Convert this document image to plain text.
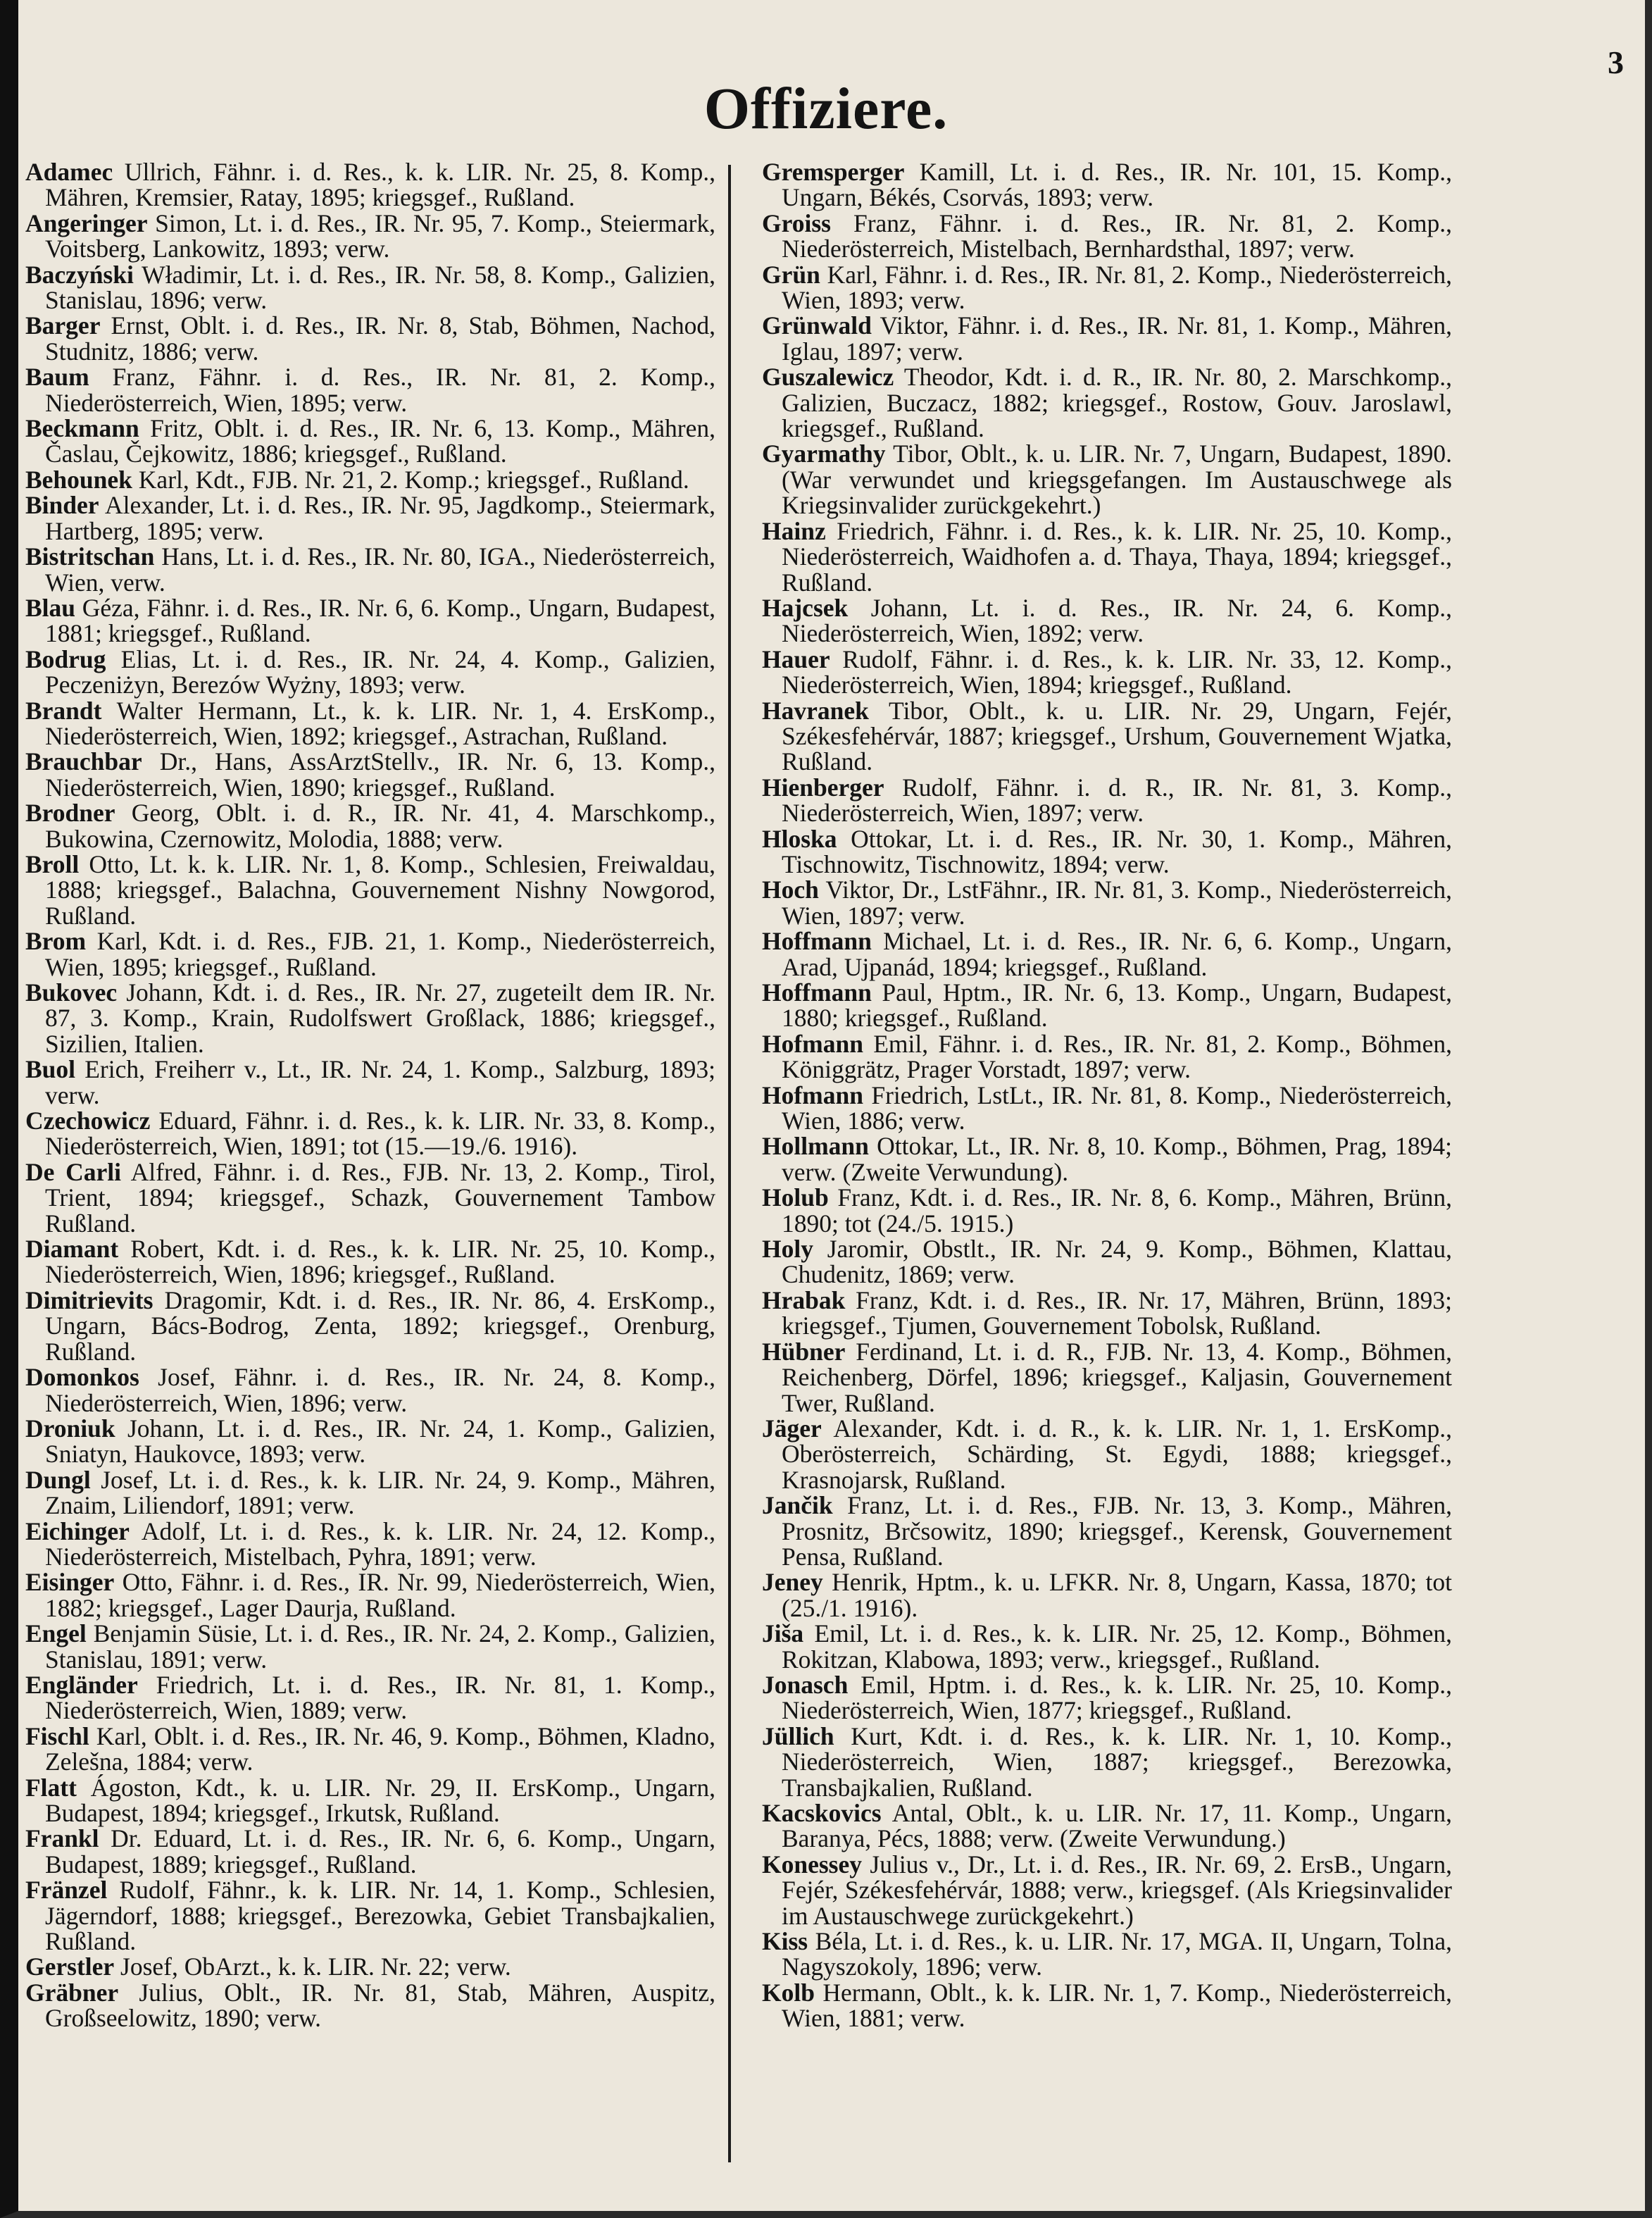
3
Offiziere.

Adamec Ullrich, Fähnr. i. d. Res., k. k. LIR. Nr. 25, 8. Komp., Mähren, Kremsier, Ratay, 1895; kriegsgef., Rußland.

Angeringer Simon, Lt. i. d. Res., IR. Nr. 95, 7. Komp., Steiermark, Voitsberg, Lankowitz, 1893; verw.

Baczyński Władimir, Lt. i. d. Res., IR. Nr. 58, 8. Komp., Galizien, Stanislau, 1896; verw.

Barger Ernst, Oblt. i. d. Res., IR. Nr. 8, Stab, Böhmen, Nachod, Studnitz, 1886; verw.

Baum Franz, Fähnr. i. d. Res., IR. Nr. 81, 2. Komp., Niederösterreich, Wien, 1895; verw.

Beckmann Fritz, Oblt. i. d. Res., IR. Nr. 6, 13. Komp., Mähren, Časlau, Čejkowitz, 1886; kriegsgef., Rußland.

Behounek Karl, Kdt., FJB. Nr. 21, 2. Komp.; kriegsgef., Rußland.

Binder Alexander, Lt. i. d. Res., IR. Nr. 95, Jagdkomp., Steiermark, Hartberg, 1895; verw.

Bistritschan Hans, Lt. i. d. Res., IR. Nr. 80, IGA., Niederösterreich, Wien, verw.

Blau Géza, Fähnr. i. d. Res., IR. Nr. 6, 6. Komp., Ungarn, Budapest, 1881; kriegsgef., Rußland.

Bodrug Elias, Lt. i. d. Res., IR. Nr. 24, 4. Komp., Galizien, Peczeniżyn, Berezów Wyżny, 1893; verw.

Brandt Walter Hermann, Lt., k. k. LIR. Nr. 1, 4. ErsKomp., Niederösterreich, Wien, 1892; kriegsgef., Astrachan, Rußland.

Brauchbar Dr., Hans, AssArztStellv., IR. Nr. 6, 13. Komp., Niederösterreich, Wien, 1890; kriegsgef., Rußland.

Brodner Georg, Oblt. i. d. R., IR. Nr. 41, 4. Marschkomp., Bukowina, Czernowitz, Molodia, 1888; verw.

Broll Otto, Lt. k. k. LIR. Nr. 1, 8. Komp., Schlesien, Freiwaldau, 1888; kriegsgef., Balachna, Gouvernement Nishny Nowgorod, Rußland.

Brom Karl, Kdt. i. d. Res., FJB. 21, 1. Komp., Niederösterreich, Wien, 1895; kriegsgef., Rußland.

Bukovec Johann, Kdt. i. d. Res., IR. Nr. 27, zugeteilt dem IR. Nr. 87, 3. Komp., Krain, Rudolfswert Großlack, 1886; kriegsgef., Sizilien, Italien.

Buol Erich, Freiherr v., Lt., IR. Nr. 24, 1. Komp., Salzburg, 1893; verw.

Czechowicz Eduard, Fähnr. i. d. Res., k. k. LIR. Nr. 33, 8. Komp., Niederösterreich, Wien, 1891; tot (15.—19./6. 1916).

De Carli Alfred, Fähnr. i. d. Res., FJB. Nr. 13, 2. Komp., Tirol, Trient, 1894; kriegsgef., Schazk, Gouvernement Tambow Rußland.

Diamant Robert, Kdt. i. d. Res., k. k. LIR. Nr. 25, 10. Komp., Niederösterreich, Wien, 1896; kriegsgef., Rußland.

Dimitrievits Dragomir, Kdt. i. d. Res., IR. Nr. 86, 4. ErsKomp., Ungarn, Bács-Bodrog, Zenta, 1892; kriegsgef., Orenburg, Rußland.

Domonkos Josef, Fähnr. i. d. Res., IR. Nr. 24, 8. Komp., Niederösterreich, Wien, 1896; verw.

Droniuk Johann, Lt. i. d. Res., IR. Nr. 24, 1. Komp., Galizien, Sniatyn, Haukovce, 1893; verw.

Dungl Josef, Lt. i. d. Res., k. k. LIR. Nr. 24, 9. Komp., Mähren, Znaim, Liliendorf, 1891; verw.

Eichinger Adolf, Lt. i. d. Res., k. k. LIR. Nr. 24, 12. Komp., Niederösterreich, Mistelbach, Pyhra, 1891; verw.

Eisinger Otto, Fähnr. i. d. Res., IR. Nr. 99, Niederösterreich, Wien, 1882; kriegsgef., Lager Daurja, Rußland.

Engel Benjamin Süsie, Lt. i. d. Res., IR. Nr. 24, 2. Komp., Galizien, Stanislau, 1891; verw.

Engländer Friedrich, Lt. i. d. Res., IR. Nr. 81, 1. Komp., Niederösterreich, Wien, 1889; verw.

Fischl Karl, Oblt. i. d. Res., IR. Nr. 46, 9. Komp., Böhmen, Kladno, Zelešna, 1884; verw.

Flatt Ágoston, Kdt., k. u. LIR. Nr. 29, II. ErsKomp., Ungarn, Budapest, 1894; kriegsgef., Irkutsk, Rußland.

Frankl Dr. Eduard, Lt. i. d. Res., IR. Nr. 6, 6. Komp., Ungarn, Budapest, 1889; kriegsgef., Rußland.

Fränzel Rudolf, Fähnr., k. k. LIR. Nr. 14, 1. Komp., Schlesien, Jägerndorf, 1888; kriegsgef., Berezowka, Gebiet Transbajkalien, Rußland.

Gerstler Josef, ObArzt., k. k. LIR. Nr. 22; verw.

Gräbner Julius, Oblt., IR. Nr. 81, Stab, Mähren, Auspitz, Großseelowitz, 1890; verw.

Gremsperger Kamill, Lt. i. d. Res., IR. Nr. 101, 15. Komp., Ungarn, Békés, Csorvás, 1893; verw.

Groiss Franz, Fähnr. i. d. Res., IR. Nr. 81, 2. Komp., Niederösterreich, Mistelbach, Bernhardsthal, 1897; verw.

Grün Karl, Fähnr. i. d. Res., IR. Nr. 81, 2. Komp., Niederösterreich, Wien, 1893; verw.

Grünwald Viktor, Fähnr. i. d. Res., IR. Nr. 81, 1. Komp., Mähren, Iglau, 1897; verw.

Guszalewicz Theodor, Kdt. i. d. R., IR. Nr. 80, 2. Marschkomp., Galizien, Buczacz, 1882; kriegsgef., Rostow, Gouv. Jaroslawl, kriegsgef., Rußland.

Gyarmathy Tibor, Oblt., k. u. LIR. Nr. 7, Ungarn, Budapest, 1890. (War verwundet und kriegsgefangen. Im Austauschwege als Kriegsinvalider zurückgekehrt.)

Hainz Friedrich, Fähnr. i. d. Res., k. k. LIR. Nr. 25, 10. Komp., Niederösterreich, Waidhofen a. d. Thaya, Thaya, 1894; kriegsgef., Rußland.

Hajcsek Johann, Lt. i. d. Res., IR. Nr. 24, 6. Komp., Niederösterreich, Wien, 1892; verw.

Hauer Rudolf, Fähnr. i. d. Res., k. k. LIR. Nr. 33, 12. Komp., Niederösterreich, Wien, 1894; kriegsgef., Rußland.

Havranek Tibor, Oblt., k. u. LIR. Nr. 29, Ungarn, Fejér, Székesfehérvár, 1887; kriegsgef., Urshum, Gouvernement Wjatka, Rußland.

Hienberger Rudolf, Fähnr. i. d. R., IR. Nr. 81, 3. Komp., Niederösterreich, Wien, 1897; verw.

Hloska Ottokar, Lt. i. d. Res., IR. Nr. 30, 1. Komp., Mähren, Tischnowitz, Tischnowitz, 1894; verw.

Hoch Viktor, Dr., LstFähnr., IR. Nr. 81, 3. Komp., Niederösterreich, Wien, 1897; verw.

Hoffmann Michael, Lt. i. d. Res., IR. Nr. 6, 6. Komp., Ungarn, Arad, Ujpanád, 1894; kriegsgef., Rußland.

Hoffmann Paul, Hptm., IR. Nr. 6, 13. Komp., Ungarn, Budapest, 1880; kriegsgef., Rußland.

Hofmann Emil, Fähnr. i. d. Res., IR. Nr. 81, 2. Komp., Böhmen, Königgrätz, Prager Vorstadt, 1897; verw.

Hofmann Friedrich, LstLt., IR. Nr. 81, 8. Komp., Niederösterreich, Wien, 1886; verw.

Hollmann Ottokar, Lt., IR. Nr. 8, 10. Komp., Böhmen, Prag, 1894; verw. (Zweite Verwundung).

Holub Franz, Kdt. i. d. Res., IR. Nr. 8, 6. Komp., Mähren, Brünn, 1890; tot (24./5. 1915.)

Holy Jaromir, Obstlt., IR. Nr. 24, 9. Komp., Böhmen, Klattau, Chudenitz, 1869; verw.

Hrabak Franz, Kdt. i. d. Res., IR. Nr. 17, Mähren, Brünn, 1893; kriegsgef., Tjumen, Gouvernement Tobolsk, Rußland.

Hübner Ferdinand, Lt. i. d. R., FJB. Nr. 13, 4. Komp., Böhmen, Reichenberg, Dörfel, 1896; kriegsgef., Kaljasin, Gouvernement Twer, Rußland.

Jäger Alexander, Kdt. i. d. R., k. k. LIR. Nr. 1, 1. ErsKomp., Oberösterreich, Schärding, St. Egydi, 1888; kriegsgef., Krasnojarsk, Rußland.

Jančik Franz, Lt. i. d. Res., FJB. Nr. 13, 3. Komp., Mähren, Prosnitz, Brčsowitz, 1890; kriegsgef., Kerensk, Gouvernement Pensa, Rußland.

Jeney Henrik, Hptm., k. u. LFKR. Nr. 8, Ungarn, Kassa, 1870; tot (25./1. 1916).

Jiša Emil, Lt. i. d. Res., k. k. LIR. Nr. 25, 12. Komp., Böhmen, Rokitzan, Klabowa, 1893; verw., kriegsgef., Rußland.

Jonasch Emil, Hptm. i. d. Res., k. k. LIR. Nr. 25, 10. Komp., Niederösterreich, Wien, 1877; kriegsgef., Rußland.

Jüllich Kurt, Kdt. i. d. Res., k. k. LIR. Nr. 1, 10. Komp., Niederösterreich, Wien, 1887; kriegsgef., Berezowka, Transbajkalien, Rußland.

Kacskovics Antal, Oblt., k. u. LIR. Nr. 17, 11. Komp., Ungarn, Baranya, Pécs, 1888; verw. (Zweite Verwundung.)

Konessey Julius v., Dr., Lt. i. d. Res., IR. Nr. 69, 2. ErsB., Ungarn, Fejér, Székesfehérvár, 1888; verw., kriegsgef. (Als Kriegsinvalider im Austauschwege zurückgekehrt.)

Kiss Béla, Lt. i. d. Res., k. u. LIR. Nr. 17, MGA. II, Ungarn, Tolna, Nagyszokoly, 1896; verw.

Kolb Hermann, Oblt., k. k. LIR. Nr. 1, 7. Komp., Niederösterreich, Wien, 1881; verw.
